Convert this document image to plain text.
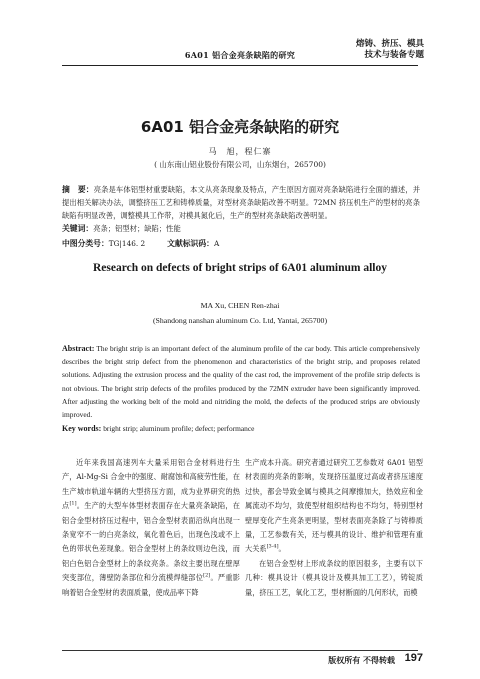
6A01 铝合金亮条缺陷的研究
熔铸、挤压、模具
技术与装备专题
6A01 铝合金亮条缺陷的研究
马　旭，程仁寨
( 山东南山铝业股份有限公司，山东烟台，265700)
摘　要：亮条是车体铝型材重要缺陷，本文从亮条现象及特点，产生原因方面对亮条缺陷进行全面的描述，并提出相关解决办法，调整挤压工艺和铸棒质量，对型材亮条缺陷改善不明显。72MN 挤压机生产的型材的亮条缺陷有明显改善，调整模具工作带，对模具氮化后，生产的型材亮条缺陷改善明显。
关键词：亮条；铝型材；缺陷；性能
中图分类号：TG|146. 2	文献标识码：A
Research on defects of bright strips of 6A01 aluminum alloy
MA Xu, CHEN Ren-zhai
(Shandong nanshan aluminum Co. Ltd, Yantai, 265700)
Abstract: The bright strip is an important defect of the aluminum profile of the car body. This article comprehensively describes the bright strip defect from the phenomenon and characteristics of the bright strip, and proposes related solutions. Adjusting the extrusion process and the quality of the cast rod, the improvement of the profile strip defects is not obvious. The bright strip defects of the profiles produced by the 72MN extruder have been significantly improved. After adjusting the working belt of the mold and nitriding the mold, the defects of the produced strips are obviously improved.
Key words: bright strip; aluminum profile; defect; performance

近年来我国高速列车大量采用铝合金材料进行生产，Al-Mg-Si 合金中的强度、耐腐蚀和高疲劳性能，在生产城市轨道车辆的大型挤压方面，成为业界研究的热点[1]。生产的大型车体型材表面存在大量亮条缺陷，在铝合金型材挤压过程中，铝合金型材表面沿纵向出现一条宽窄不一的白亮条纹，氧化着色后，出现色浅或不上色的带状色差现象。铝合金型材上的条纹则边色浅，而铝白色铝合金型材上的条纹亮条。条纹主要出现在壁厚突变部位，薄壁防条部位和分流模焊缝部位[2]。严重影响着铝合金型材的表面质量，使成品率下降

生产成本升高。研究者通过研究工艺参数对 6A01 铝型材表面的亮条的影响，发现挤压温度过高或者挤压速度过快，都会导致金属与模具之间摩擦加大，热效应和金属流动不均匀，致使型材组织结构也不均匀，特别型材壁厚变化产生亮条更明显，型材表面亮条除了与铸棒质量，工艺参数有关，还与模具的设计、维护和管理有重大关系[3-4]。

在铝合金型材上形成条纹的原因很多，主要有以下几种：模具设计（模具设计及模具加工工艺），铸锭质量，挤压工艺，氧化工艺，型材断面的几何形状，而模

版权所有 不得转载 197
